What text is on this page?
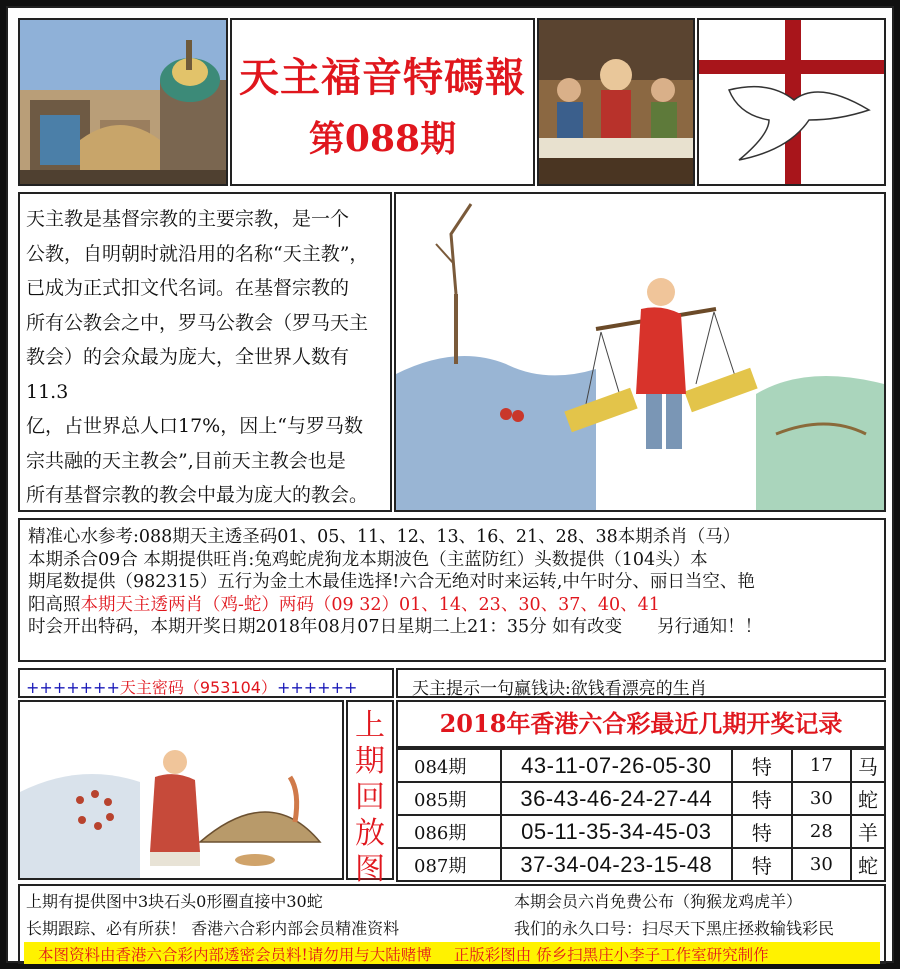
天主福音特碼報
第088期
天主教是基督宗教的主要宗教，是一个
公教，自明朝时就沿用的名称“天主教”，
已成为正式扣文代名词。在基督宗教的
所有公教会之中，罗马公教会（罗马天主
教会）的会众最为庞大，全世界人数有11.3
亿，占世界总人口17%，因上“与罗马数
宗共融的天主教会”,目前天主教会也是
所有基督宗教的教会中最为庞大的教会。
精准心水参考:088期天主透圣码01、05、11、12、13、16、21、28、38本期杀肖（马）
本期杀合09合 本期提供旺肖:兔鸡蛇虎狗龙本期波色（主蓝防红）头数提供（104头）本
期尾数提供（982315）五行为金土木最佳选择!六合无绝对时来运转,中午时分、丽日当空、艳
阳高照本期天主透两肖（鸡-蛇）两码（09 32）01、14、23、30、37、40、41
时会开出特码，本期开奖日期2018年08月07日星期二上21：35分 如有改变　　另行通知！！
+++++++天主密码（953104）++++++	天主提示一句赢钱诀:欲钱看漂亮的生肖
上
期
回
放
图
2018年香港六合彩最近几期开奖记录
084期	43-11-07-26-05-30	特	17	马
085期	36-43-46-24-27-44	特	30	蛇
086期	05-11-35-34-45-03	特	28	羊
087期	37-34-04-23-15-48	特	30	蛇
上期有提供图中3块石头0形圈直接中30蛇	本期会员六肖免费公布（狗猴龙鸡虎羊）
长期跟踪、必有所获！ 香港六合彩内部会员精准资料	我们的永久口号：扫尽天下黑庄拯救输钱彩民
本图资料由香港六合彩内部透密会员料!请勿用与大陆赌博 正版彩图由 侨乡扫黑庄小李子工作室研究制作
